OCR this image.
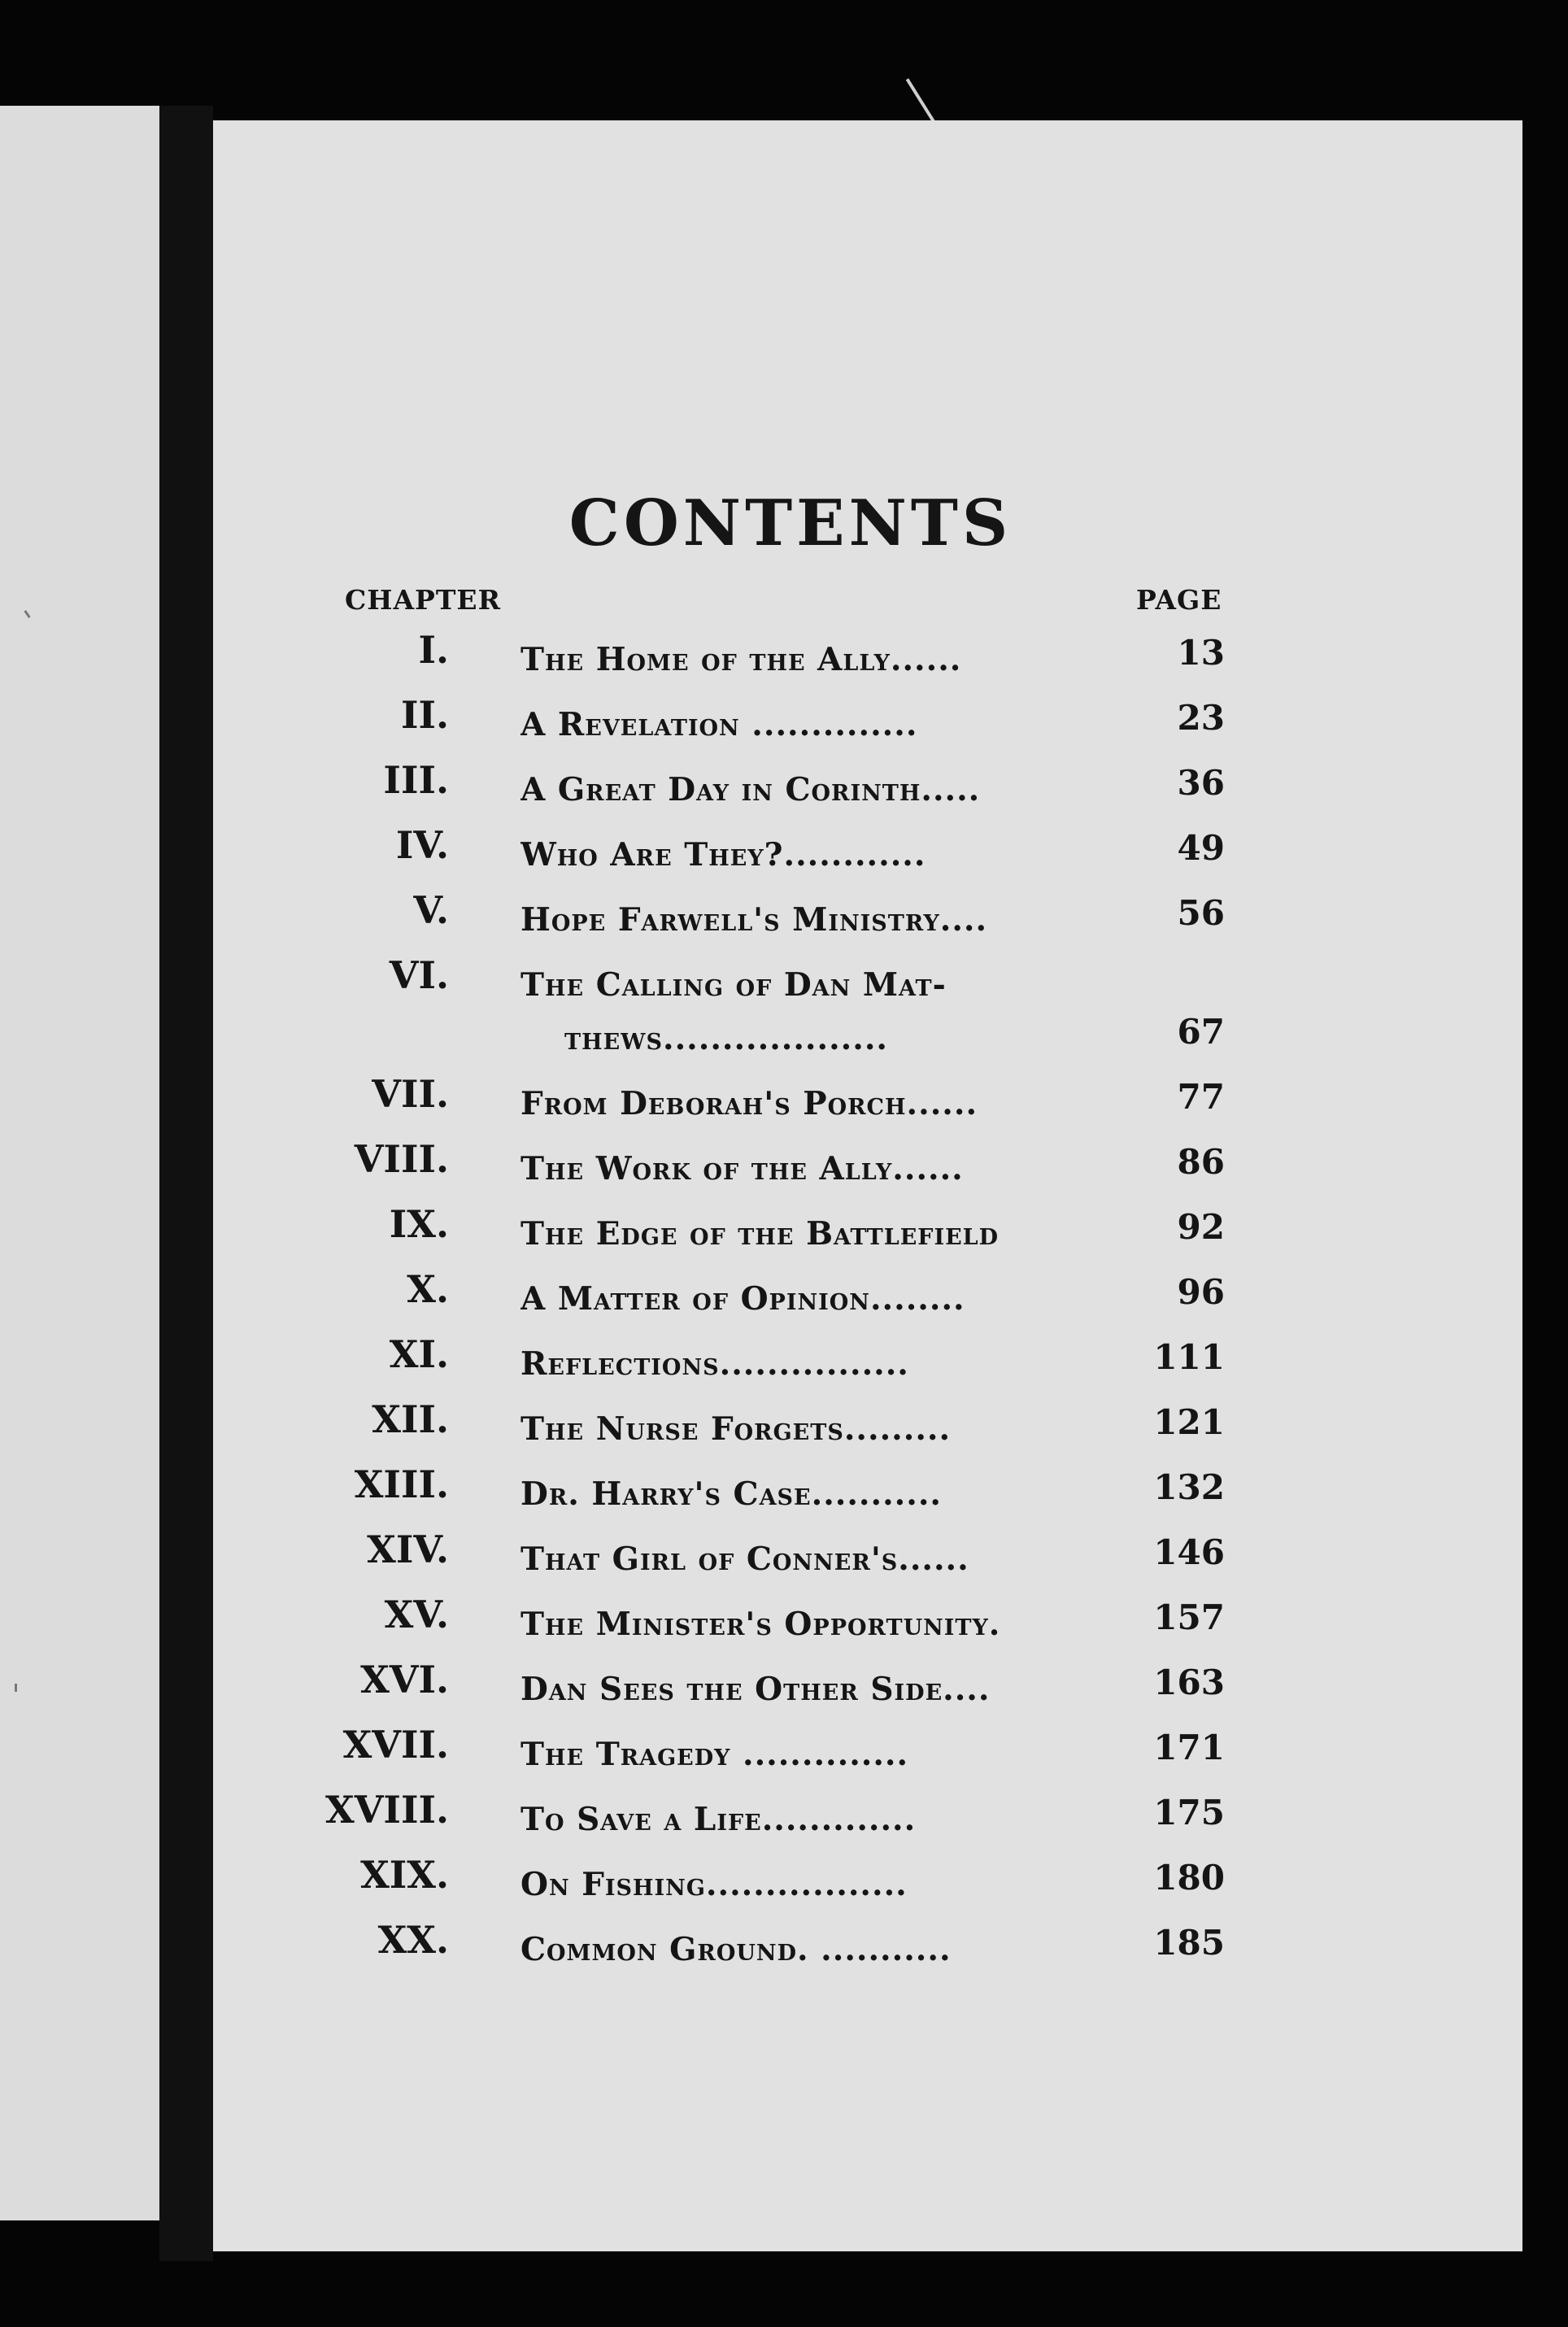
CONTENTS
CHAPTER	PAGE
I. The Home of the Ally......	13
II. A Revelation ..............	23
III. A Great Day in Corinth.....	36
IV. Who Are They?............	49
V. Hope Farwell's Ministry....	56
VI. The Calling of Dan Mat-
thews...................	67
VII. From Deborah's Porch......	77
VIII. The Work of the Ally......	86
IX. The Edge of the Battlefield	92
X. A Matter of Opinion........	96
XI. Reflections................	111
XII. The Nurse Forgets.........	121
XIII. Dr. Harry's Case...........	132
XIV. That Girl of Conner's......	146
XV. The Minister's Opportunity.	157
XVI. Dan Sees the Other Side....	163
XVII. The Tragedy ..............	171
XVIII. To Save a Life.............	175
XIX. On Fishing.................	180
XX. Common Ground. ...........	185
